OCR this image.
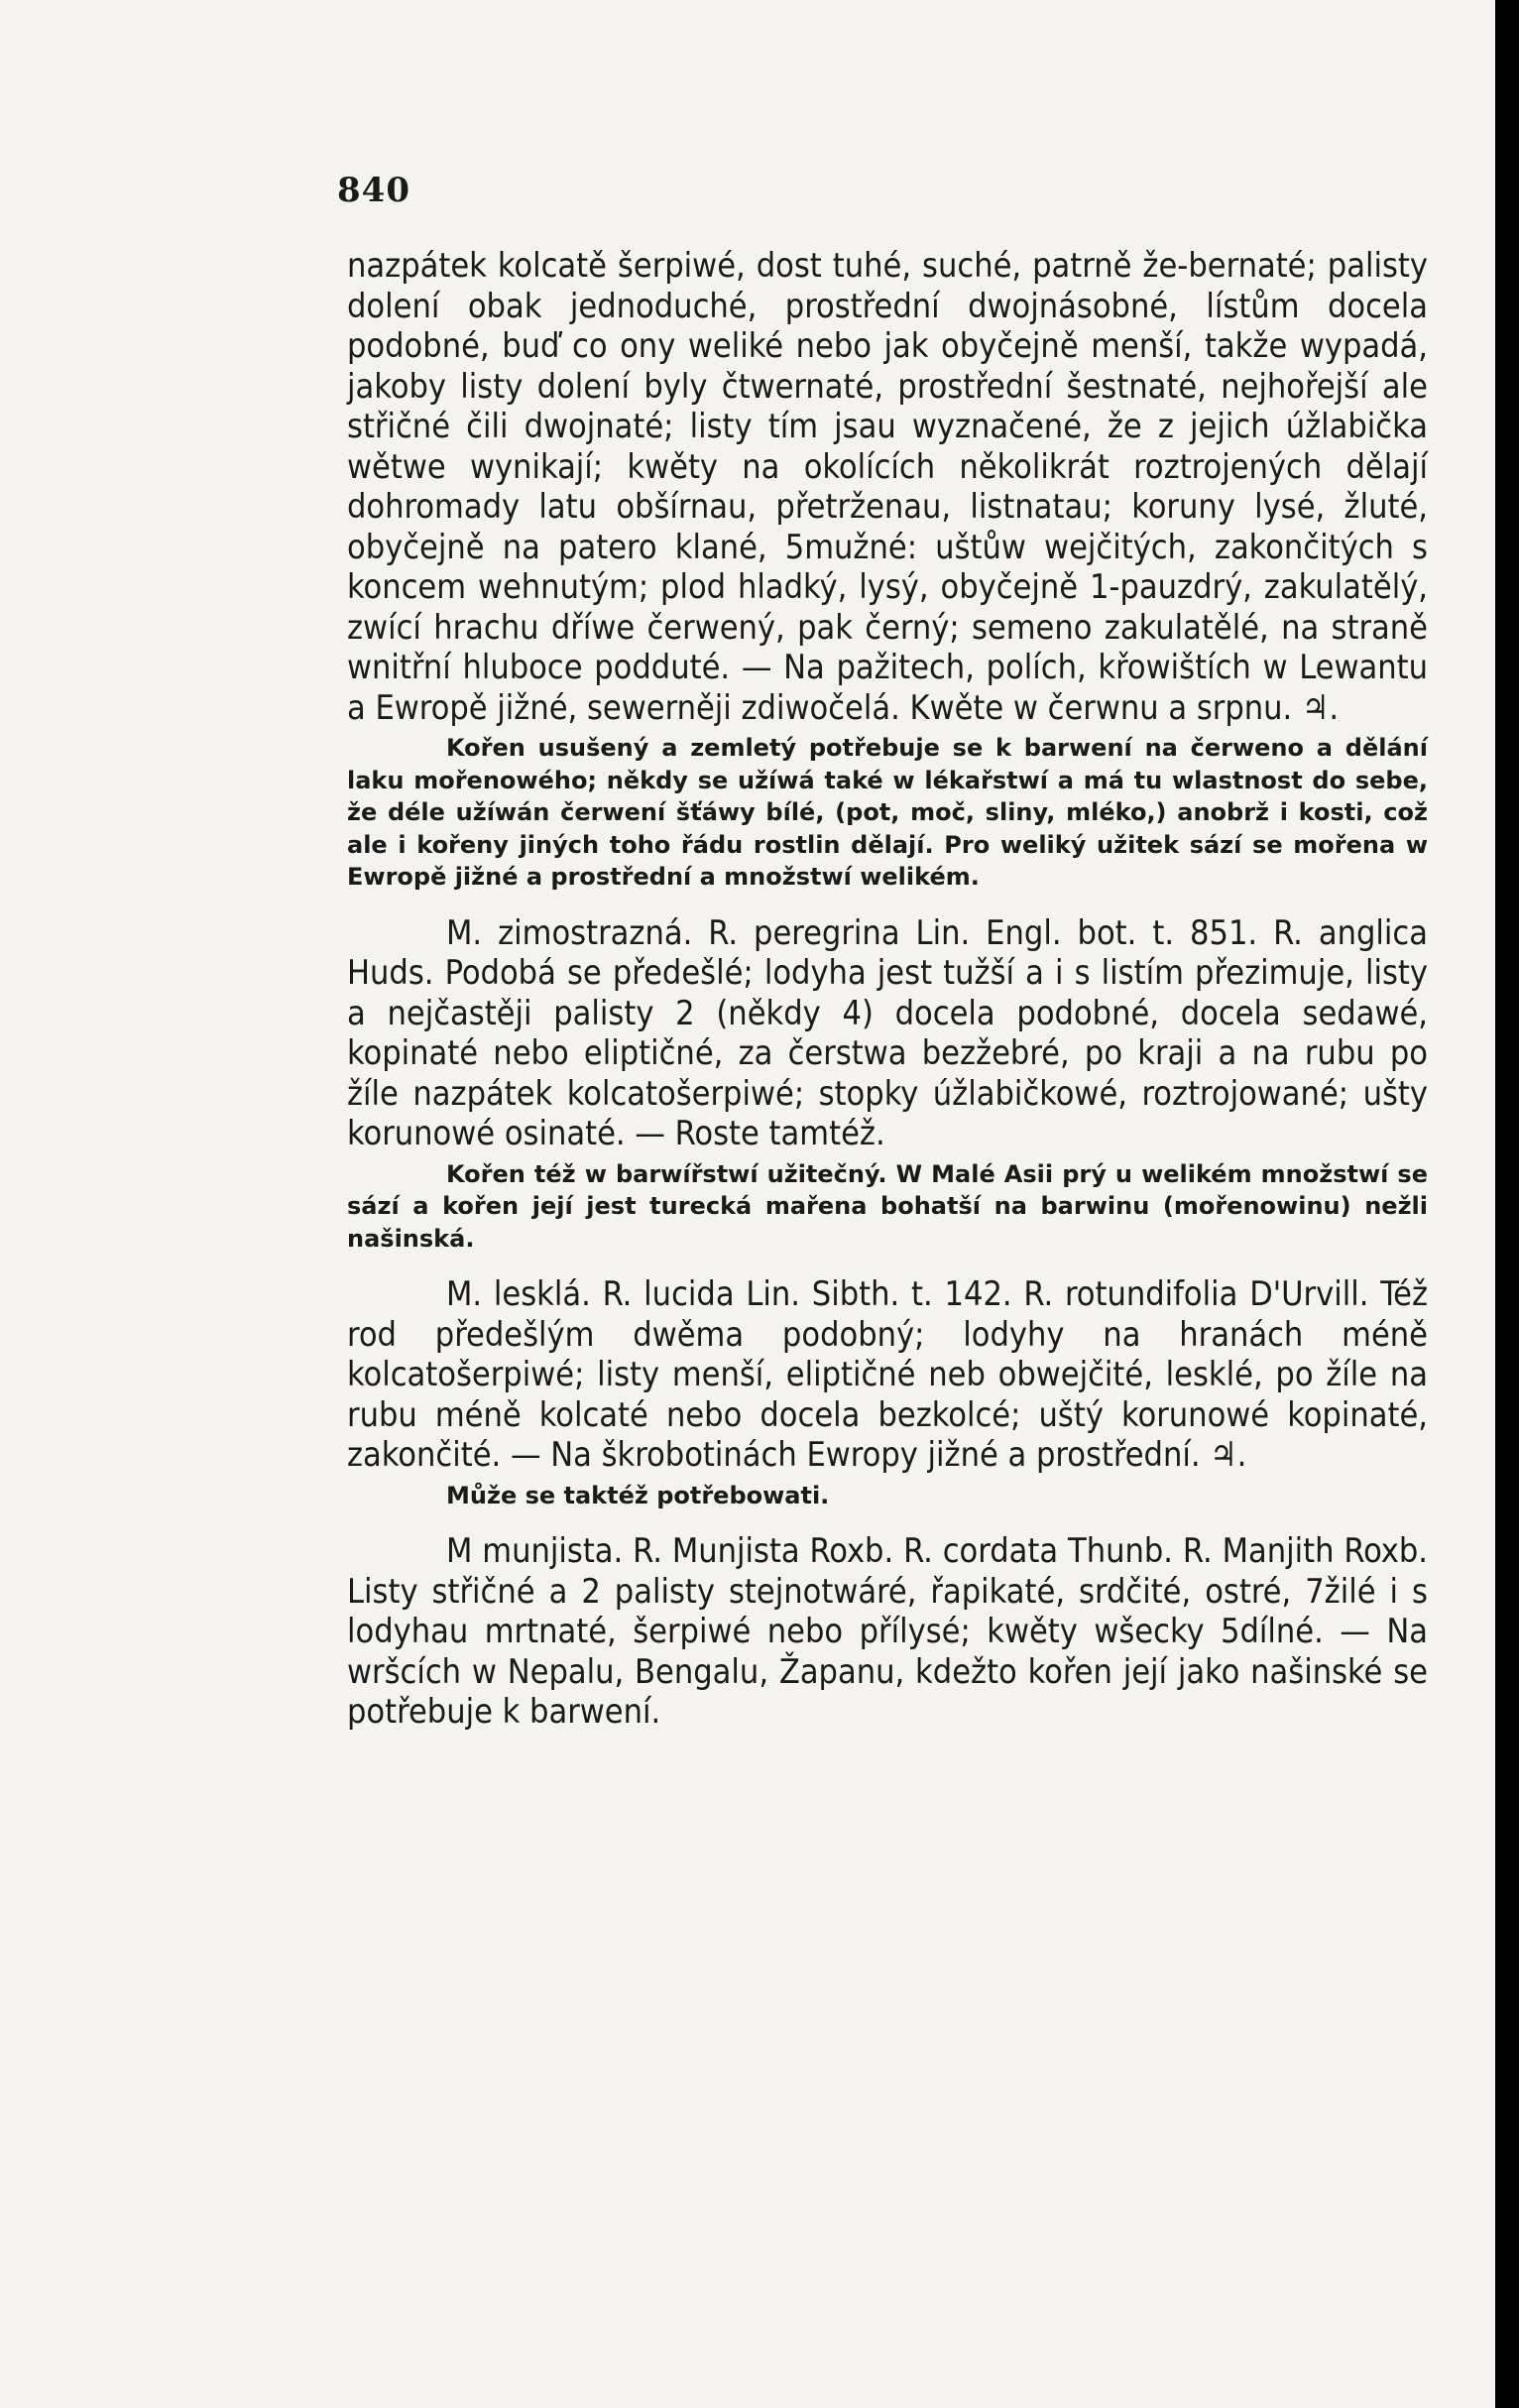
840

nazpátek kolcatě šerpiwé, dost tuhé, suché, patrně že-bernaté; palisty dolení obak jednoduché, prostřední dwojnásobné, lístům docela podobné, buď co ony weliké nebo jak obyčejně menší, takže wypadá, jakoby listy dolení byly čtwernaté, prostřední šestnaté, nejhořejší ale střičné čili dwojnaté; listy tím jsau wyznačené, že z jejich úžlabička wětwe wynikají; kwěty na okolících několikrát roztrojených dělají dohromady latu obšírnau, přetrženau, listnatau; koruny lysé, žluté, obyčejně na patero klané, 5mužné: uštůw wejčitých, zakončitých s koncem wehnutým; plod hladký, lysý, obyčejně 1-pauzdrý, zakulatělý, zwící hrachu dříwe čerwený, pak černý; semeno zakulatělé, na straně wnitřní hluboce podduté. — Na pažitech, polích, křowištích w Lewantu a Ewropě jižné, sewerněji zdiwočelá. Kwěte w čerwnu a srpnu. ♃.

Kořen usušený a zemletý potřebuje se k barwení na čerweno a dělání laku mořenowého; někdy se užíwá také w lékařstwí a má tu wlastnost do sebe, že déle užíwán čerwení šťáwy bílé, (pot, moč, sliny, mléko,) anobrž i kosti, což ale i kořeny jiných toho řádu rostlin dělají. Pro weliký užitek sází se mořena w Ewropě jižné a prostřední a množstwí welikém.

M. zimostrazná. R. peregrina Lin. Engl. bot. t. 851. R. anglica Huds. Podobá se předešlé; lodyha jest tužší a i s listím přezimuje, listy a nejčastěji palisty 2 (někdy 4) docela podobné, docela sedawé, kopinaté nebo eliptičné, za čerstwa bezžebré, po kraji a na rubu po žíle nazpátek kolcatošerpiwé; stopky úžlabičkowé, roztrojowané; ušty korunowé osinaté. — Roste tamtéž.

Kořen též w barwířstwí užitečný. W Malé Asii prý u welikém množstwí se sází a kořen její jest turecká mařena bohatší na barwinu (mořenowinu) nežli našinská.

M. lesklá. R. lucida Lin. Sibth. t. 142. R. rotundifolia D'Urvill. Též rod předešlým dwěma podobný; lodyhy na hranách méně kolcatošerpiwé; listy menší, eliptičné neb obwejčité, lesklé, po žíle na rubu méně kolcaté nebo docela bezkolcé; uštý korunowé kopinaté, zakončité. — Na škrobotinách Ewropy jižné a prostřední. ♃.

Může se taktéž potřebowati.

M munjista. R. Munjista Roxb. R. cordata Thunb. R. Manjith Roxb. Listy střičné a 2 palisty stejnotwáré, řapikaté, srdčité, ostré, 7žilé i s lodyhau mrtnaté, šerpiwé nebo přílysé; kwěty wšecky 5dílné. — Na wršcích w Nepalu, Bengalu, Žapanu, kdežto kořen její jako našinské se potřebuje k barwení.
